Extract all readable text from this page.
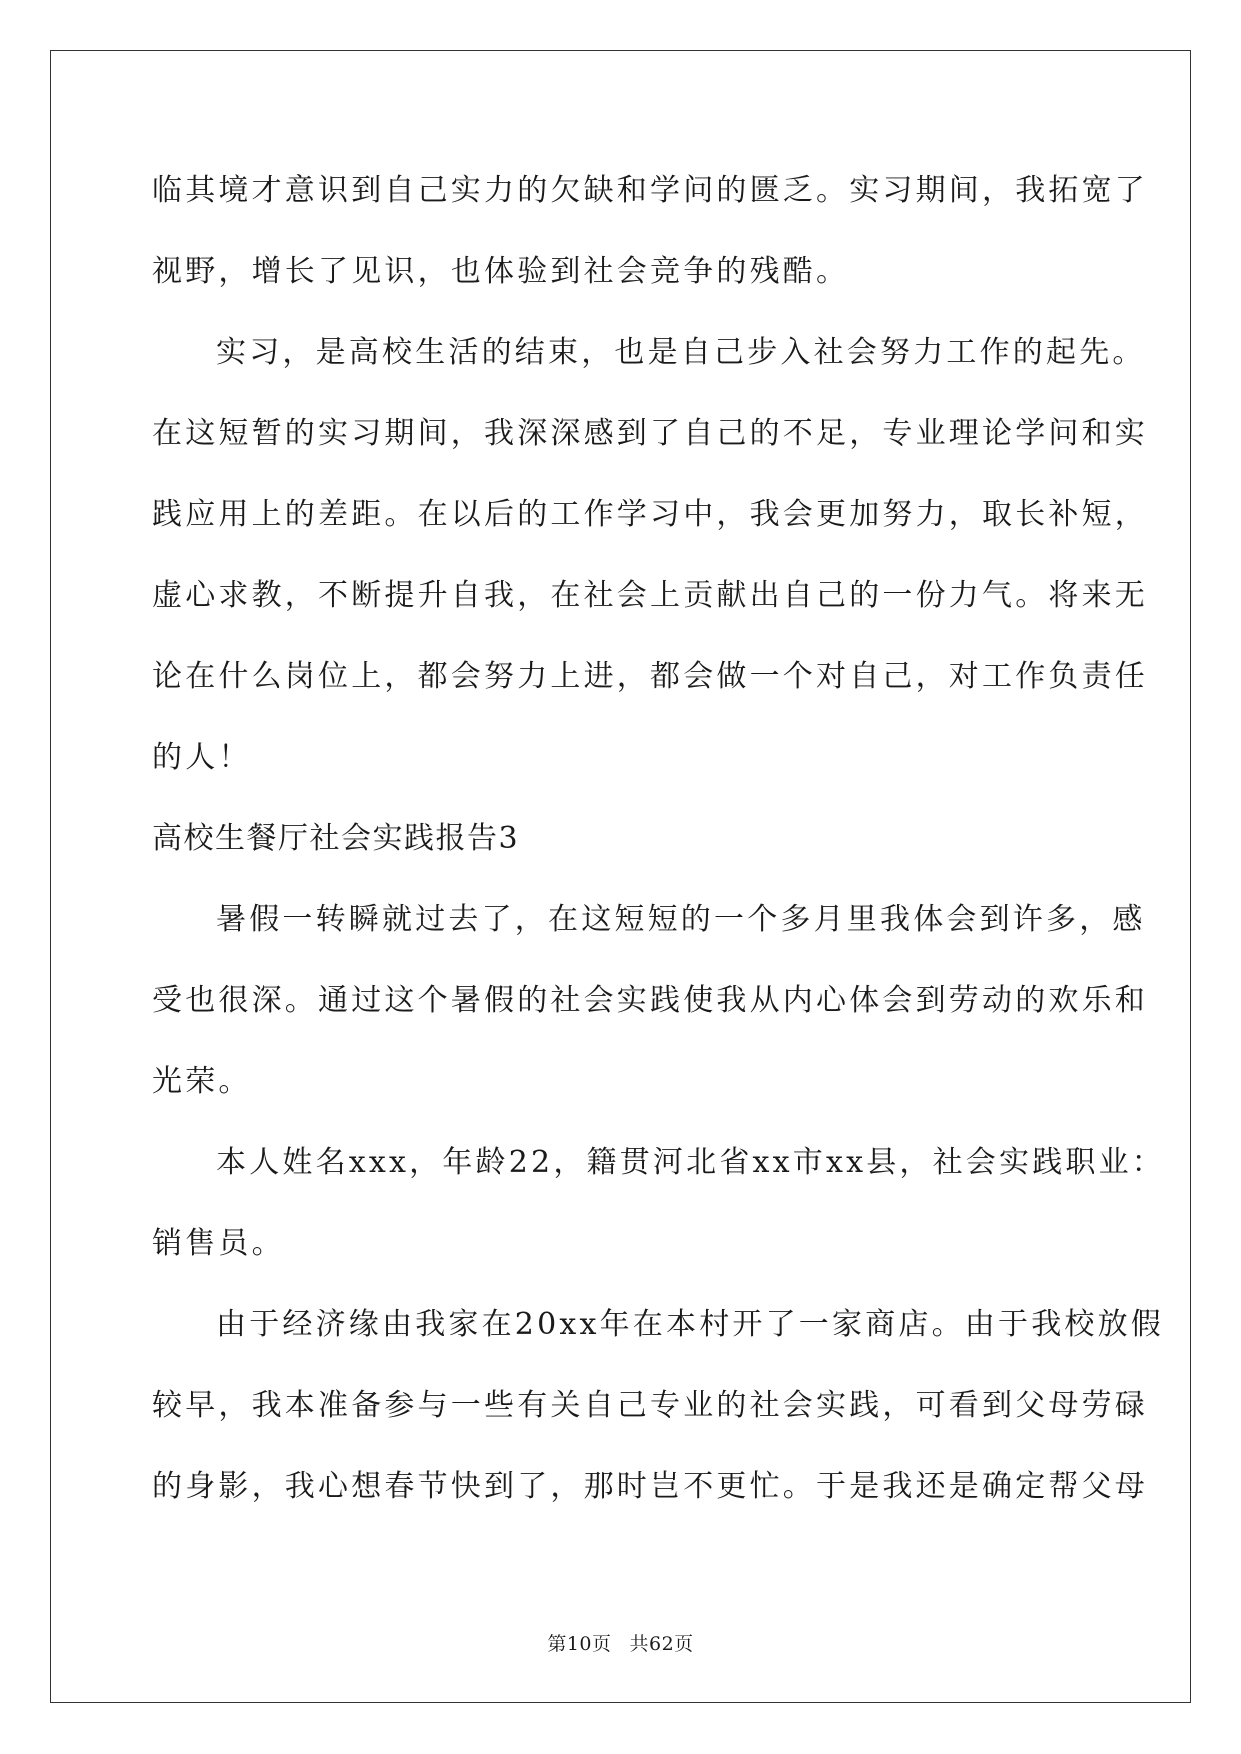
临其境才意识到自己实力的欠缺和学问的匮乏。实习期间，我拓宽了
视野，增长了见识，也体验到社会竞争的残酷。
实习，是高校生活的结束，也是自己步入社会努力工作的起先。
在这短暂的实习期间，我深深感到了自己的不足，专业理论学问和实
践应用上的差距。在以后的工作学习中，我会更加努力，取长补短，
虚心求教，不断提升自我，在社会上贡献出自己的一份力气。将来无
论在什么岗位上，都会努力上进，都会做一个对自己，对工作负责任
的人！
高校生餐厅社会实践报告3
暑假一转瞬就过去了，在这短短的一个多月里我体会到许多，感
受也很深。通过这个暑假的社会实践使我从内心体会到劳动的欢乐和
光荣。
本人姓名xxx，年龄22，籍贯河北省xx市xx县，社会实践职业：
销售员。
由于经济缘由我家在20xx年在本村开了一家商店。由于我校放假
较早，我本准备参与一些有关自己专业的社会实践，可看到父母劳碌
的身影，我心想春节快到了，那时岂不更忙。于是我还是确定帮父母
第10页 共62页
